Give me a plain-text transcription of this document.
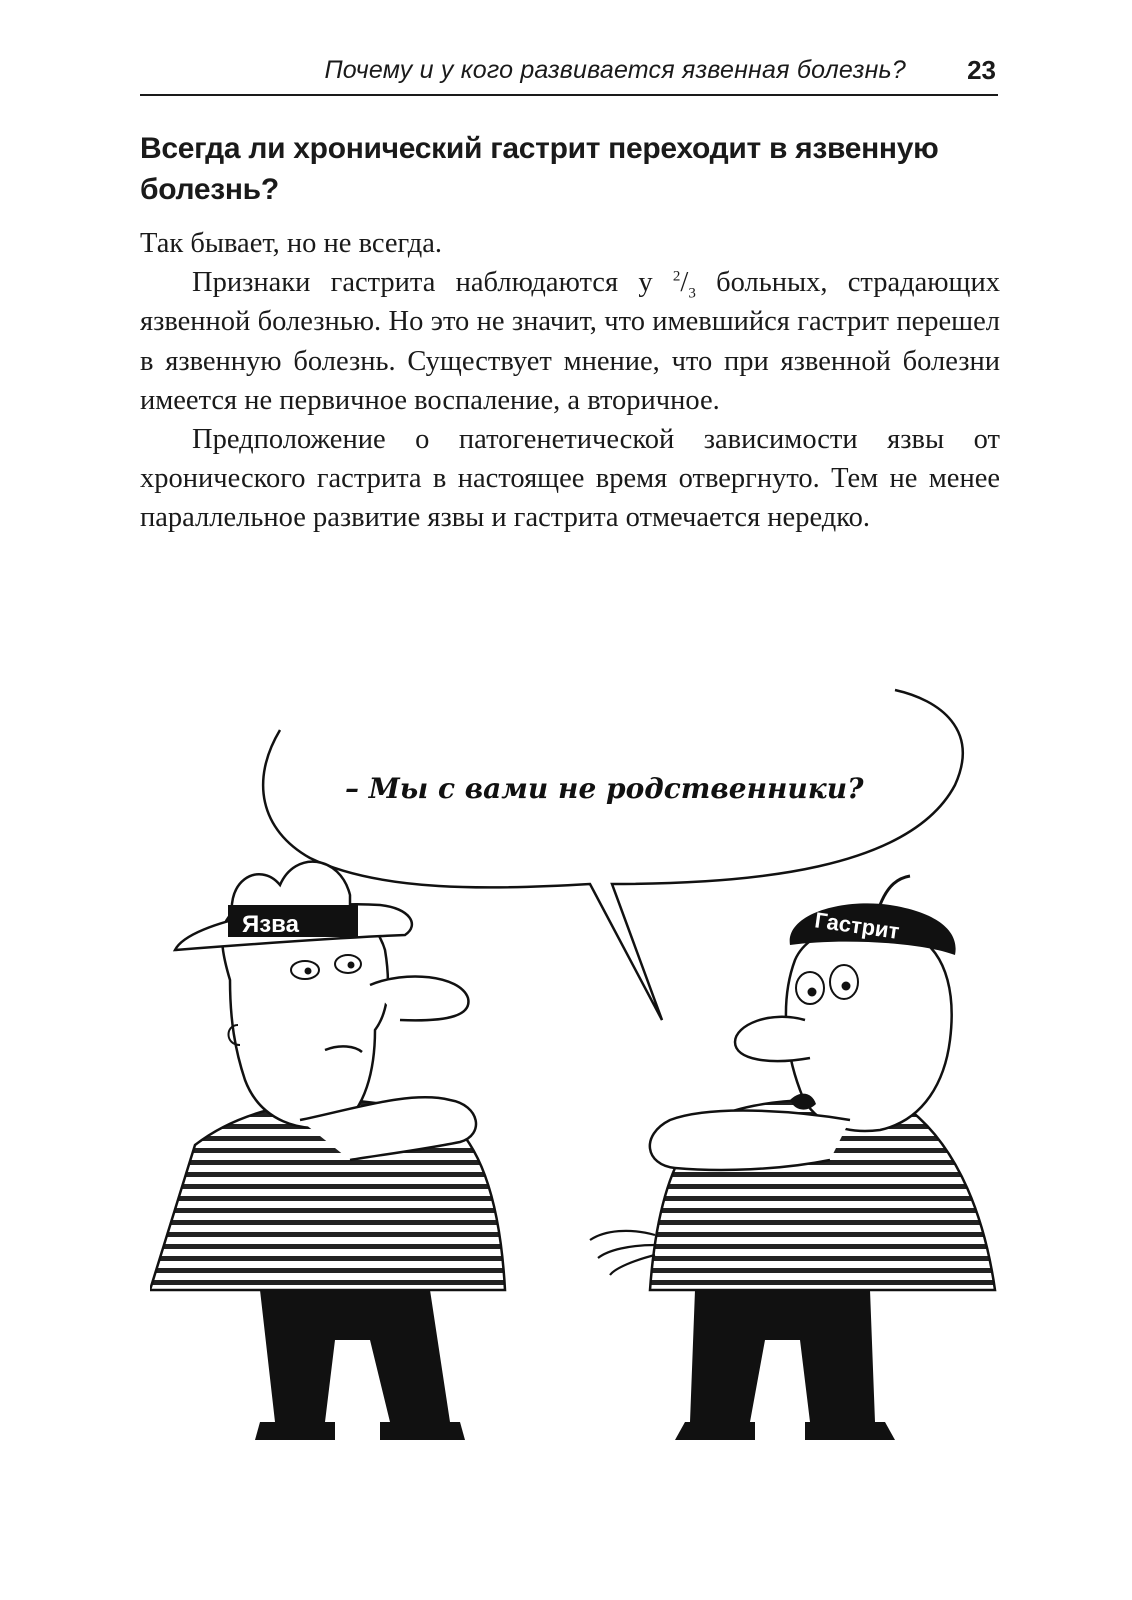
Почему и у кого развивается язвенная болезнь? 23
Всегда ли хронический гастрит переходит в язвенную болезнь?

Так бывает, но не всегда.

Признаки гастрита наблюдаются у $^2/_3$ больных, страдающих язвенной болезнью. Но это не значит, что имевшийся гастрит перешел в язвенную болезнь. Существует мнение, что при язвенной болезни имеется не первичное воспаление, а вторичное.

Предположение о патогенетической зависимости язвы от хронического гастрита в настоящее время отвергнуто. Тем не менее параллельное развитие язвы и гастрита отмечается нередко.

– Мы с вами не родственники?
Язва	Гастрит
